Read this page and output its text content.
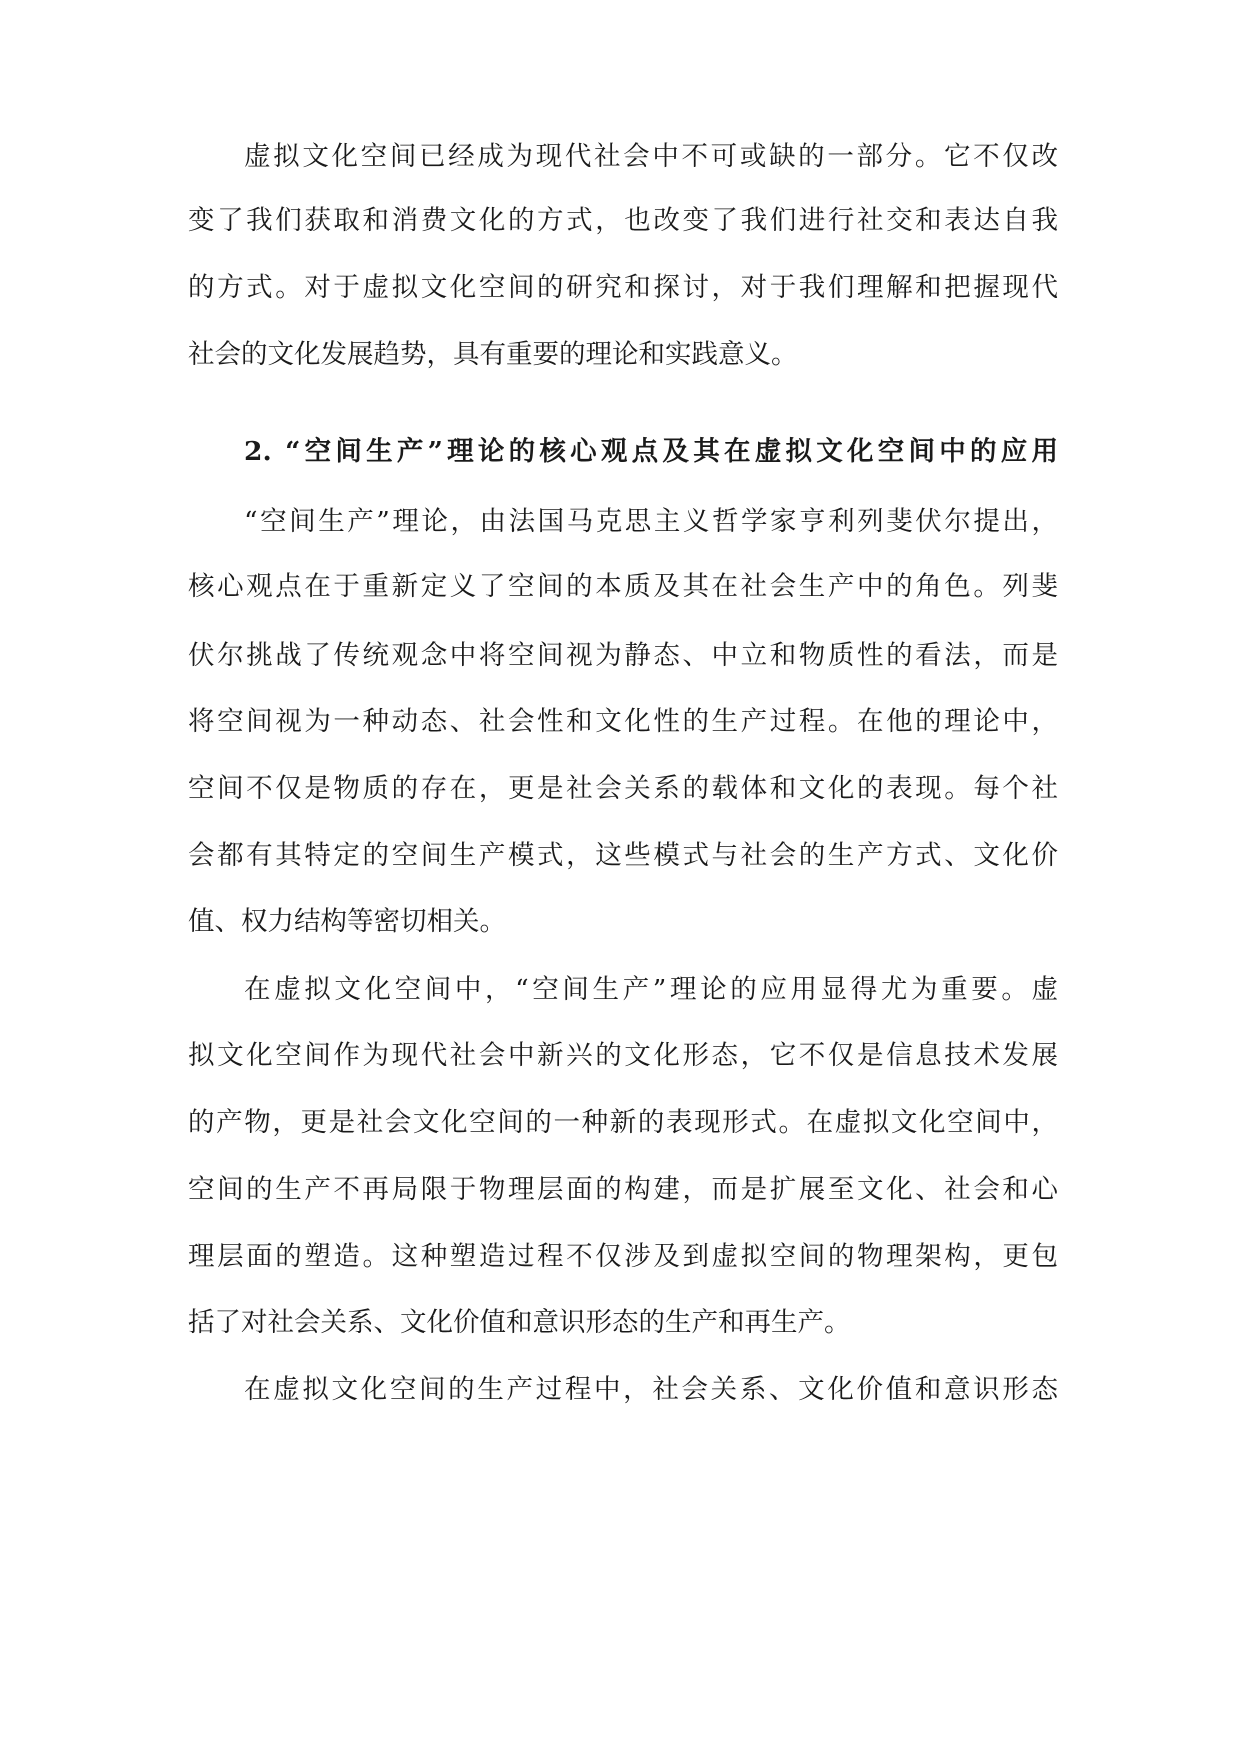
虚拟文化空间已经成为现代社会中不可或缺的一部分。它不仅改
变了我们获取和消费文化的方式，也改变了我们进行社交和表达自我
的方式。对于虚拟文化空间的研究和探讨，对于我们理解和把握现代
社会的文化发展趋势，具有重要的理论和实践意义。
2. “空间生产”理论的核心观点及其在虚拟文化空间中的应用
“空间生产”理论，由法国马克思主义哲学家亨利列斐伏尔提出，
核心观点在于重新定义了空间的本质及其在社会生产中的角色。列斐
伏尔挑战了传统观念中将空间视为静态、中立和物质性的看法，而是
将空间视为一种动态、社会性和文化性的生产过程。在他的理论中，
空间不仅是物质的存在，更是社会关系的载体和文化的表现。每个社
会都有其特定的空间生产模式，这些模式与社会的生产方式、文化价
值、权力结构等密切相关。
在虚拟文化空间中，“空间生产”理论的应用显得尤为重要。虚
拟文化空间作为现代社会中新兴的文化形态，它不仅是信息技术发展
的产物，更是社会文化空间的一种新的表现形式。在虚拟文化空间中，
空间的生产不再局限于物理层面的构建，而是扩展至文化、社会和心
理层面的塑造。这种塑造过程不仅涉及到虚拟空间的物理架构，更包
括了对社会关系、文化价值和意识形态的生产和再生产。
在虚拟文化空间的生产过程中，社会关系、文化价值和意识形态
